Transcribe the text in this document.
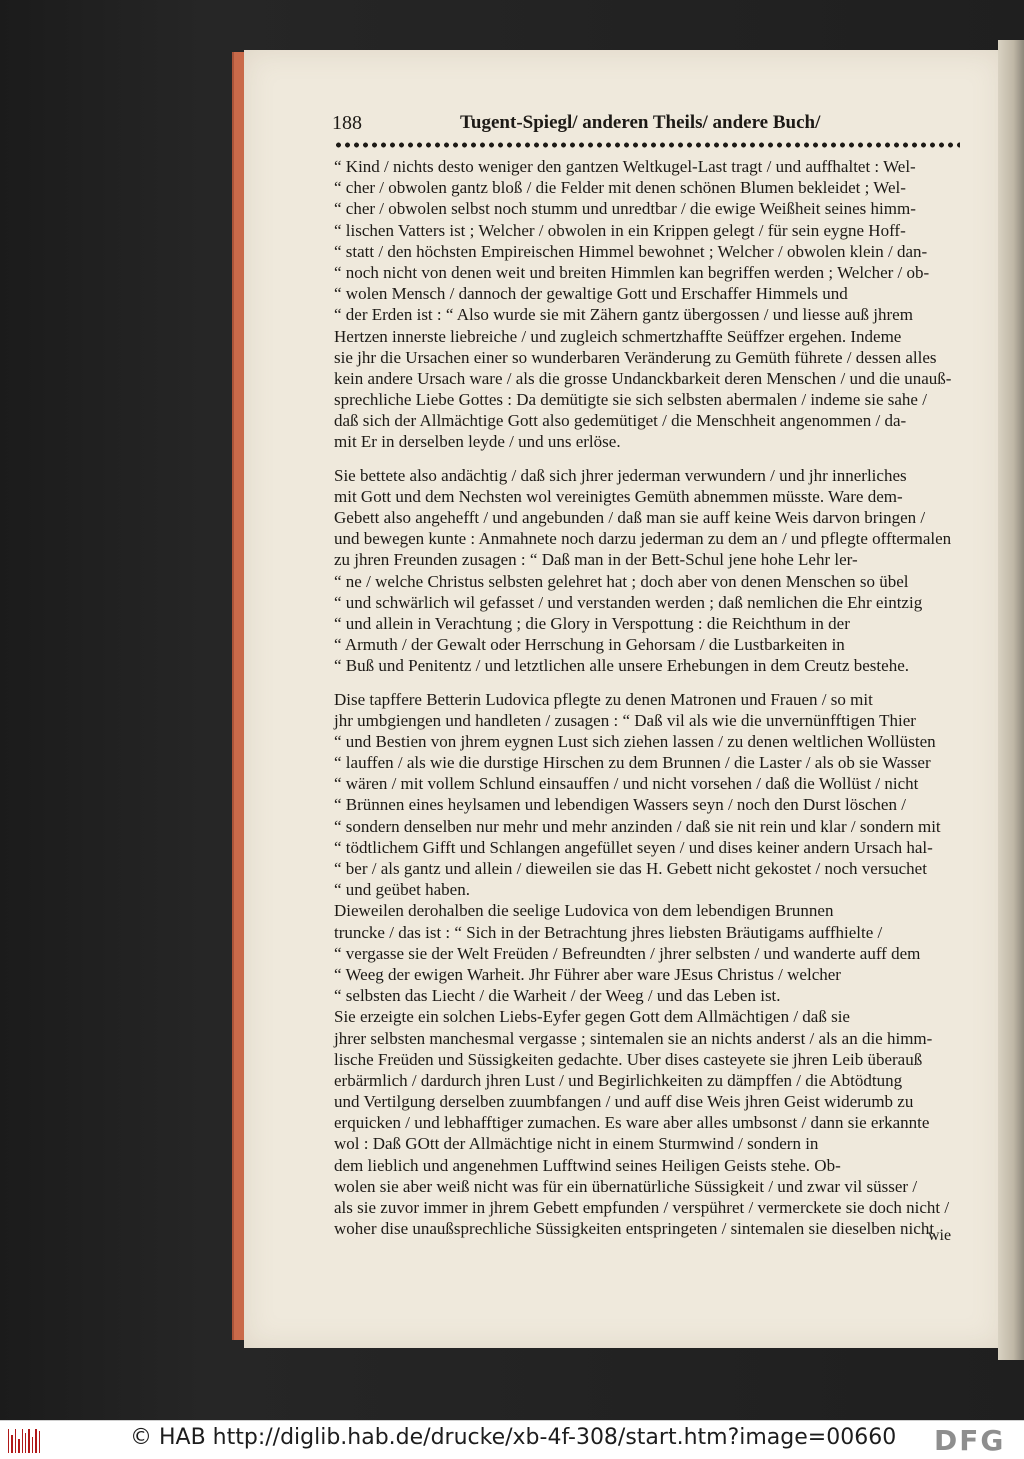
188	Tugent-Spiegl/ anderen Theils/ andere Buch/
“ Kind / nichts desto weniger den gantzen Weltkugel-Last tragt / und auffhaltet : Wel-
“ cher / obwolen gantz bloß / die Felder mit denen schönen Blumen bekleidet ; Wel-
“ cher / obwolen selbst noch stumm und unredtbar / die ewige Weißheit seines himm-
“ lischen Vatters ist ; Welcher / obwolen in ein Krippen gelegt / für sein eygne Hoff-
“ statt / den höchsten Empireischen Himmel bewohnet ; Welcher / obwolen klein / dan-
“ noch nicht von denen weit und breiten Himmlen kan begriffen werden ; Welcher / ob-
“ wolen Mensch / dannoch der gewaltige Gott und Erschaffer Himmels und
“ der Erden ist : “ Also wurde sie mit Zähern gantz übergossen / und liesse auß jhrem
Hertzen innerste liebreiche / und zugleich schmertzhaffte Seüffzer ergehen. Indeme
sie jhr die Ursachen einer so wunderbaren Veränderung zu Gemüth führete / dessen alles
kein andere Ursach ware / als die grosse Undanckbarkeit deren Menschen / und die unauß-
sprechliche Liebe Gottes : Da demütigte sie sich selbsten abermalen / indeme sie sahe /
daß sich der Allmächtige Gott also gedemütiget / die Menschheit angenommen / da-
mit Er in derselben leyde / und uns erlöse.
Sie bettete also andächtig / daß sich jhrer jederman verwundern / und jhr innerliches
mit Gott und dem Nechsten wol vereinigtes Gemüth abnemmen müsste. Ware dem-
Gebett also angehefft / und angebunden / daß man sie auff keine Weis darvon bringen /
und bewegen kunte : Anmahnete noch darzu jederman zu dem an / und pflegte offtermalen
zu jhren Freunden zusagen : “ Daß man in der Bett-Schul jene hohe Lehr ler-
“ ne / welche Christus selbsten gelehret hat ; doch aber von denen Menschen so übel
“ und schwärlich wil gefasset / und verstanden werden ; daß nemlichen die Ehr eintzig
“ und allein in Verachtung ; die Glory in Verspottung : die Reichthum in der
“ Armuth / der Gewalt oder Herrschung in Gehorsam / die Lustbarkeiten in
“ Buß und Penitentz / und letztlichen alle unsere Erhebungen in dem Creutz bestehe.
Dise tapffere Betterin Ludovica pflegte zu denen Matronen und Frauen / so mit
jhr umbgiengen und handleten / zusagen : “ Daß vil als wie die unvernünfftigen Thier
“ und Bestien von jhrem eygnen Lust sich ziehen lassen / zu denen weltlichen Wollüsten
“ lauffen / als wie die durstige Hirschen zu dem Brunnen / die Laster / als ob sie Wasser
“ wären / mit vollem Schlund einsauffen / und nicht vorsehen / daß die Wollüst / nicht
“ Brünnen eines heylsamen und lebendigen Wassers seyn / noch den Durst löschen /
“ sondern denselben nur mehr und mehr anzinden / daß sie nit rein und klar / sondern mit
“ tödtlichem Gifft und Schlangen angefüllet seyen / und dises keiner andern Ursach hal-
“ ber / als gantz und allein / dieweilen sie das H. Gebett nicht gekostet / noch versuchet
“ und geübet haben.
Dieweilen derohalben die seelige Ludovica von dem lebendigen Brunnen
truncke / das ist : “ Sich in der Betrachtung jhres liebsten Bräutigams auffhielte /
“ vergasse sie der Welt Freüden / Befreundten / jhrer selbsten / und wanderte auff dem
“ Weeg der ewigen Warheit. Jhr Führer aber ware JEsus Christus / welcher
“ selbsten das Liecht / die Warheit / der Weeg / und das Leben ist.
Sie erzeigte ein solchen Liebs-Eyfer gegen Gott dem Allmächtigen / daß sie
jhrer selbsten manchesmal vergasse ; sintemalen sie an nichts anderst / als an die himm-
lische Freüden und Süssigkeiten gedachte. Uber dises casteyete sie jhren Leib überauß
erbärmlich / dardurch jhren Lust / und Begirlichkeiten zu dämpffen / die Abtödtung
und Vertilgung derselben zuumbfangen / und auff dise Weis jhren Geist widerumb zu
erquicken / und lebhafftiger zumachen. Es ware aber alles umbsonst / dann sie erkannte
wol : Daß GOtt der Allmächtige nicht in einem Sturmwind / sondern in
dem lieblich und angenehmen Lufftwind seines Heiligen Geists stehe. Ob-
wolen sie aber weiß nicht was für ein übernatürliche Süssigkeit / und zwar vil süsser /
als sie zuvor immer in jhrem Gebett empfunden / verspühret / vermerckete sie doch nicht /
woher dise unaußsprechliche Süssigkeiten entspringeten / sintemalen sie dieselben nicht
wie
© HAB http://diglib.hab.de/drucke/xb-4f-308/start.htm?image=00660 DFG
